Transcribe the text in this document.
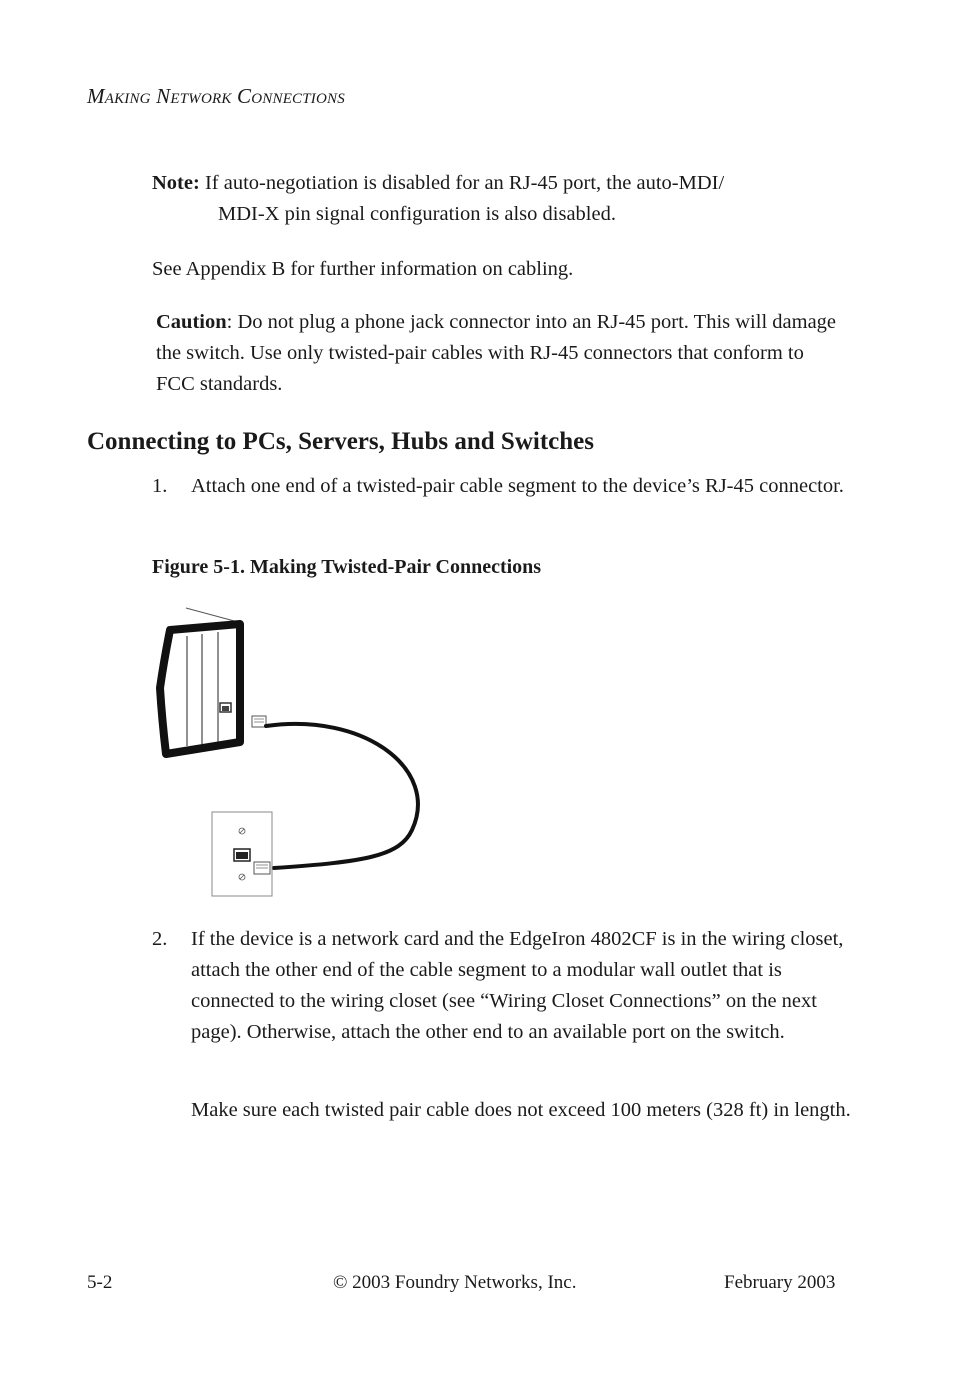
MAKING NETWORK CONNECTIONS
Note: If auto-negotiation is disabled for an RJ-45 port, the auto-MDI/
MDI-X pin signal configuration is also disabled.
See Appendix B for further information on cabling.
Caution: Do not plug a phone jack connector into an RJ-45 port. This will damage the switch. Use only twisted-pair cables with RJ-45 connectors that conform to FCC standards.
Connecting to PCs, Servers, Hubs and Switches
1. Attach one end of a twisted-pair cable segment to the device’s RJ-45 connector.
Figure 5-1. Making Twisted-Pair Connections
2. If the device is a network card and the EdgeIron 4802CF is in the wiring closet, attach the other end of the cable segment to a modular wall outlet that is connected to the wiring closet (see “Wiring Closet Connections” on the next page). Otherwise, attach the other end to an available port on the switch.
Make sure each twisted pair cable does not exceed 100 meters (328 ft) in length.
5-2	© 2003 Foundry Networks, Inc.	February 2003
